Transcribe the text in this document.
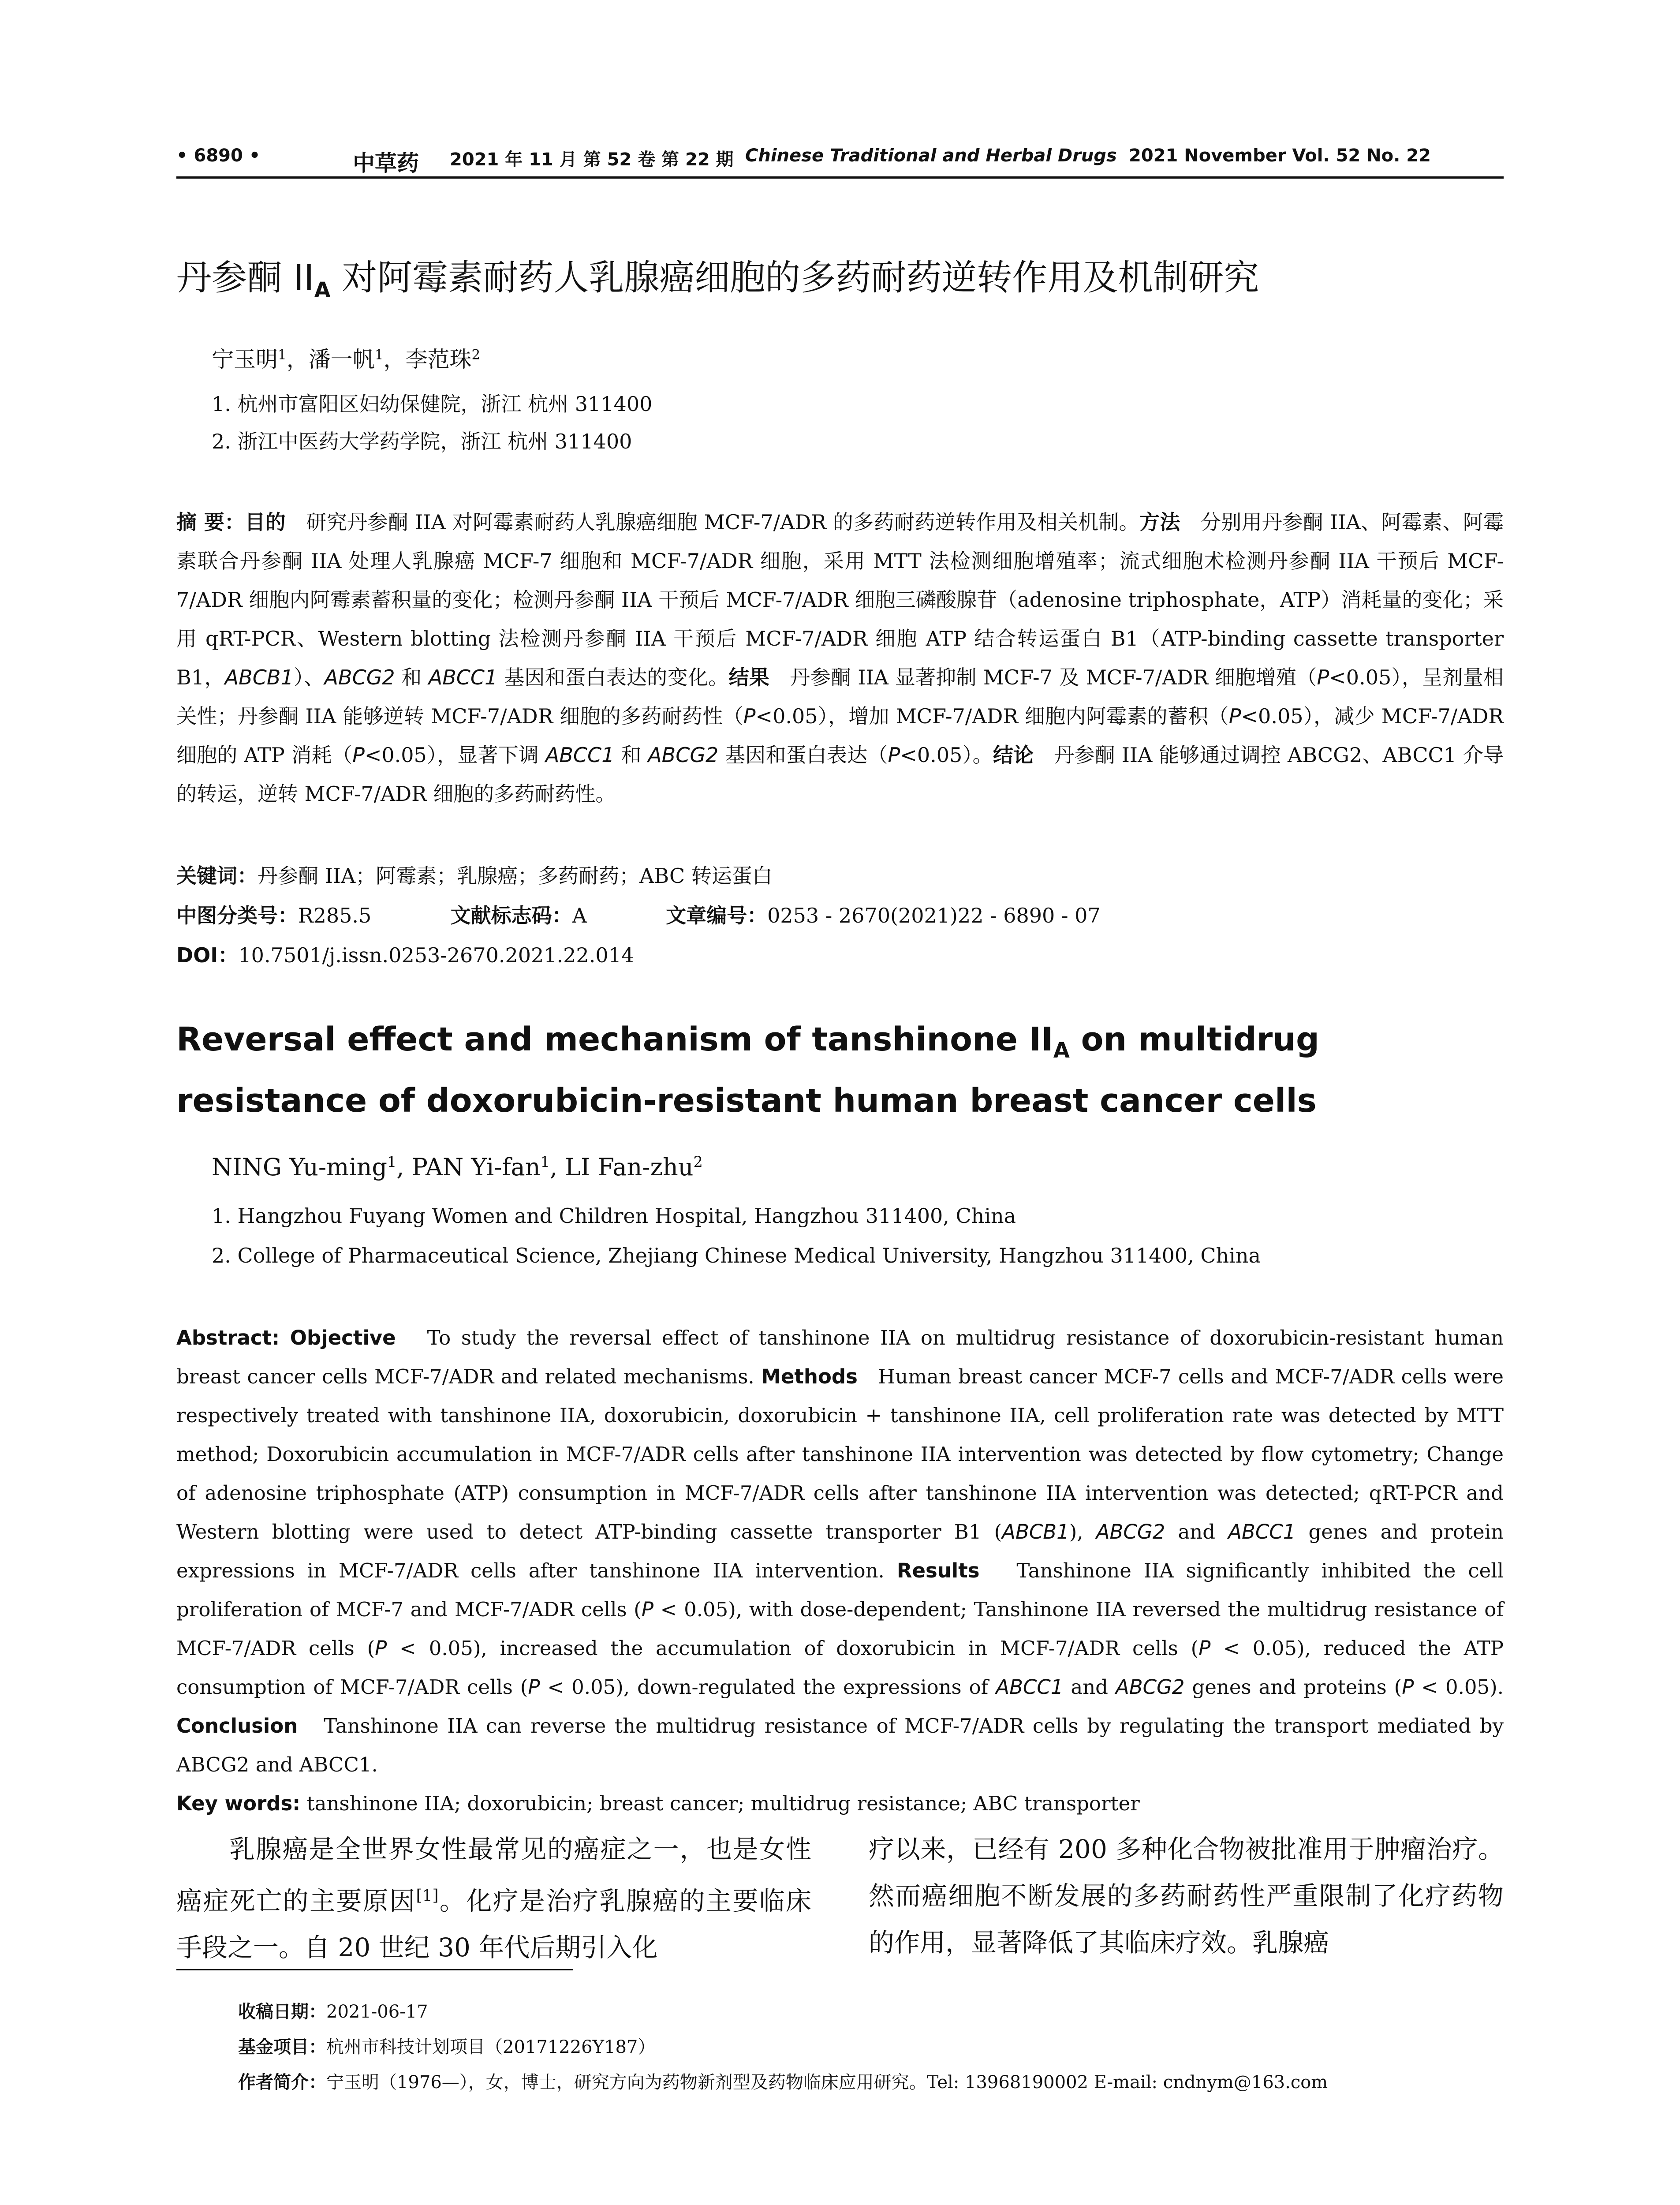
• 6890 •	中草药 2021 年 11 月 第 52 卷 第 22 期 Chinese Traditional and Herbal Drugs 2021 November Vol. 52 No. 22
丹参酮 $II_A$ 对阿霉素耐药人乳腺癌细胞的多药耐药逆转作用及机制研究
宁玉明$^1$，潘一帆$^1$，李范珠$^2$
1. 杭州市富阳区妇幼保健院，浙江 杭州 311400
2. 浙江中医药大学药学院，浙江 杭州 311400
摘 要：目的　 研究丹参酮 IIA 对阿霉素耐药人乳腺癌细胞 MCF-7/ADR 的多药耐药逆转作用及相关机制。方法　 分别用丹参酮 IIA、阿霉素、阿霉素联合丹参酮 IIA 处理人乳腺癌 MCF-7 细胞和 MCF-7/ADR 细胞，采用 MTT 法检测细胞增殖率；流式细胞术检测丹参酮 IIA 干预后 MCF-7/ADR 细胞内阿霉素蓄积量的变化；检测丹参酮 IIA 干预后 MCF-7/ADR 细胞三磷酸腺苷（adenosine triphosphate，ATP）消耗量的变化；采用 qRT-PCR、Western blotting 法检测丹参酮 IIA 干预后 MCF-7/ADR 细胞 ATP 结合转运蛋白 B1（ATP-binding cassette transporter B1，ABCB1）、ABCG2 和 ABCC1 基因和蛋白表达的变化。结果　 丹参酮 IIA 显著抑制 MCF-7 及 MCF-7/ADR 细胞增殖（P<0.05），呈剂量相关性；丹参酮 IIA 能够逆转 MCF-7/ADR 细胞的多药耐药性（P<0.05），增加 MCF-7/ADR 细胞内阿霉素的蓄积（P<0.05），减少 MCF-7/ADR 细胞的 ATP 消耗（P<0.05），显著下调 ABCC1 和 ABCG2 基因和蛋白表达（P<0.05）。结论　 丹参酮 IIA 能够通过调控 ABCG2、ABCC1 介导的转运，逆转 MCF-7/ADR 细胞的多药耐药性。
关键词：丹参酮 IIA；阿霉素；乳腺癌；多药耐药；ABC 转运蛋白
中图分类号：R285.5	文献标志码：A	文章编号：0253 - 2670(2021)22 - 6890 - 07
DOI：10.7501/j.issn.0253-2670.2021.22.014
Reversal effect and mechanism of tanshinone $II_A$ on multidrug resistance of doxorubicin-resistant human breast cancer cells
NING Yu-ming$^1$, PAN Yi-fan$^1$, LI Fan-zhu$^2$
1. Hangzhou Fuyang Women and Children Hospital, Hangzhou 311400, China
2. College of Pharmaceutical Science, Zhejiang Chinese Medical University, Hangzhou 311400, China
Abstract: Objective To study the reversal effect of tanshinone IIA on multidrug resistance of doxorubicin-resistant human breast cancer cells MCF-7/ADR and related mechanisms. Methods Human breast cancer MCF-7 cells and MCF-7/ADR cells were respectively treated with tanshinone IIA, doxorubicin, doxorubicin + tanshinone IIA, cell proliferation rate was detected by MTT method; Doxorubicin accumulation in MCF-7/ADR cells after tanshinone IIA intervention was detected by flow cytometry; Change of adenosine triphosphate (ATP) consumption in MCF-7/ADR cells after tanshinone IIA intervention was detected; qRT-PCR and Western blotting were used to detect ATP-binding cassette transporter B1 (ABCB1), ABCG2 and ABCC1 genes and protein expressions in MCF-7/ADR cells after tanshinone IIA intervention. Results Tanshinone IIA significantly inhibited the cell proliferation of MCF-7 and MCF-7/ADR cells (P < 0.05), with dose-dependent; Tanshinone IIA reversed the multidrug resistance of MCF-7/ADR cells (P < 0.05), increased the accumulation of doxorubicin in MCF-7/ADR cells (P < 0.05), reduced the ATP consumption of MCF-7/ADR cells (P < 0.05), down-regulated the expressions of ABCC1 and ABCG2 genes and proteins (P < 0.05). Conclusion Tanshinone IIA can reverse the multidrug resistance of MCF-7/ADR cells by regulating the transport mediated by ABCG2 and ABCC1.
Key words: tanshinone IIA; doxorubicin; breast cancer; multidrug resistance; ABC transporter
　　乳腺癌是全世界女性最常见的癌症之一，也是女性癌症死亡的主要原因[1]。化疗是治疗乳腺癌的主要临床手段之一。自 20 世纪 30 年代后期引入化
疗以来，已经有 200 多种化合物被批准用于肿瘤治疗。然而癌细胞不断发展的多药耐药性严重限制了化疗药物的作用，显著降低了其临床疗效。乳腺癌
收稿日期：2021-06-17
基金项目：杭州市科技计划项目（20171226Y187）
作者简介：宁玉明（1976—），女，博士，研究方向为药物新剂型及药物临床应用研究。Tel: 13968190002 E-mail: cndnym@163.com
